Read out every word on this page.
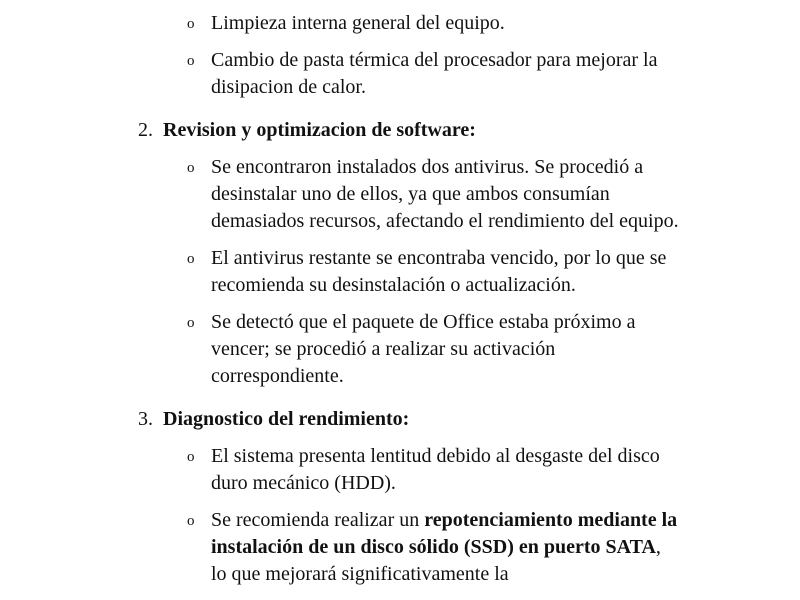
o Limpieza interna general del equipo.
o Cambio de pasta térmica del procesador para mejorar la disipacion de calor.

2. Revision y optimizacion de software:

o Se encontraron instalados dos antivirus. Se procedió a desinstalar uno de ellos, ya que ambos consumían demasiados recursos, afectando el rendimiento del equipo.
o El antivirus restante se encontraba vencido, por lo que se recomienda su desinstalación o actualización.
o Se detectó que el paquete de Office estaba próximo a vencer; se procedió a realizar su activación correspondiente.

3. Diagnostico del rendimiento:

o El sistema presenta lentitud debido al desgaste del disco duro mecánico (HDD).
o Se recomienda realizar un repotenciamiento mediante la instalación de un disco sólido (SSD) en puerto SATA, lo que mejorará significativamente la
